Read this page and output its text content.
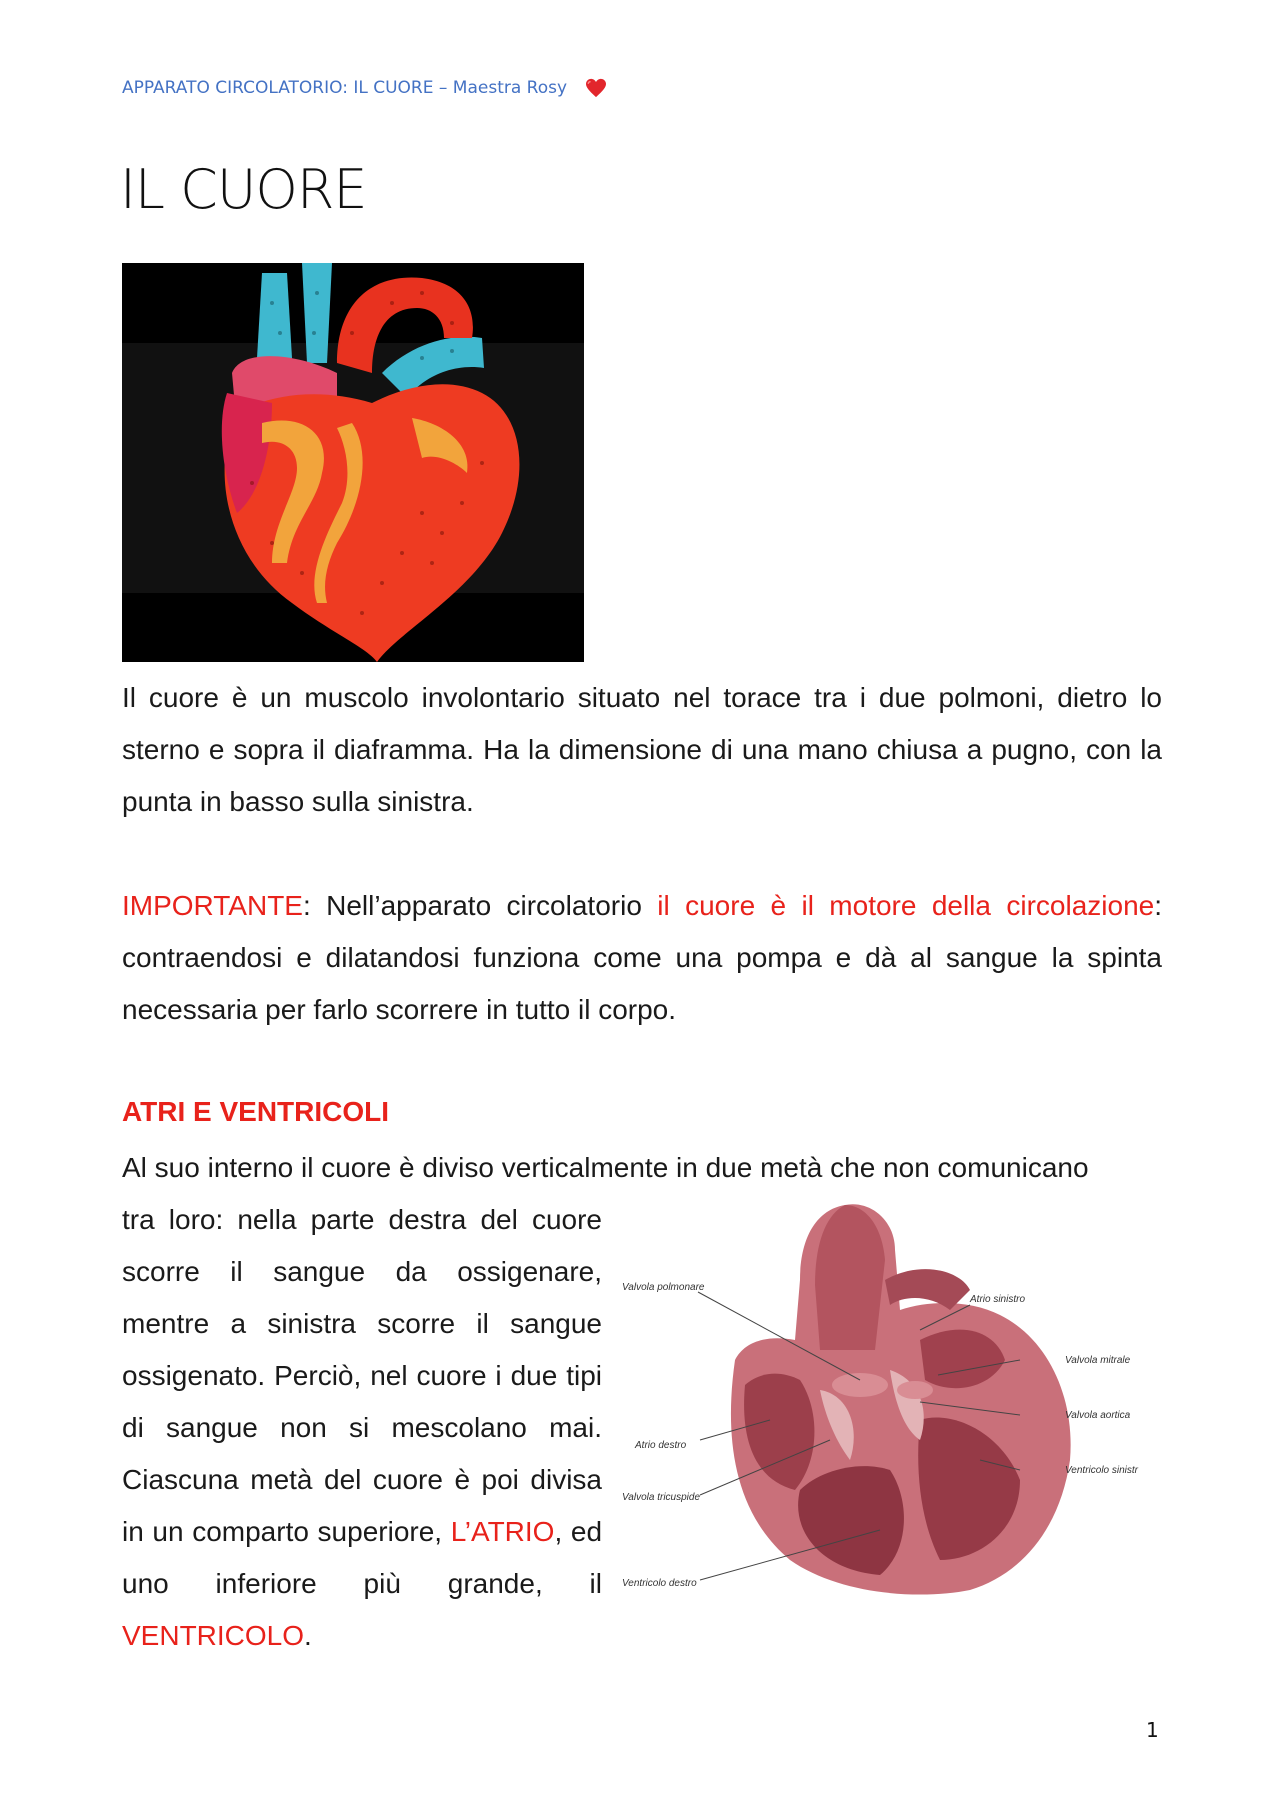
APPARATO CIRCOLATORIO: IL CUORE – Maestra Rosy
IL CUORE
Il cuore è un muscolo involontario situato nel torace tra i due polmoni, dietro lo sterno e sopra il diaframma. Ha la dimensione di una mano chiusa a pugno, con la punta in basso sulla sinistra.
IMPORTANTE: Nell’apparato circolatorio il cuore è il motore della circolazione: contraendosi e dilatandosi funziona come una pompa e dà al sangue la spinta necessaria per farlo scorrere in tutto il corpo.
ATRI E VENTRICOLI
Al suo interno il cuore è diviso verticalmente in due metà che non comunicano
tra loro: nella parte destra del cuore scorre il sangue da ossigenare, mentre a sinistra scorre il sangue ossigenato. Perciò, nel cuore i due tipi di sangue non si mescolano mai. Ciascuna metà del cuore è poi divisa in un comparto superiore, L’ATRIO, ed uno inferiore più grande, il VENTRICOLO.
Valvola polmonare
Atrio sinistro
Valvola mitrale
Valvola aortica
Ventricolo sinistr
Atrio destro
Valvola tricuspide
Ventricolo destro
1
